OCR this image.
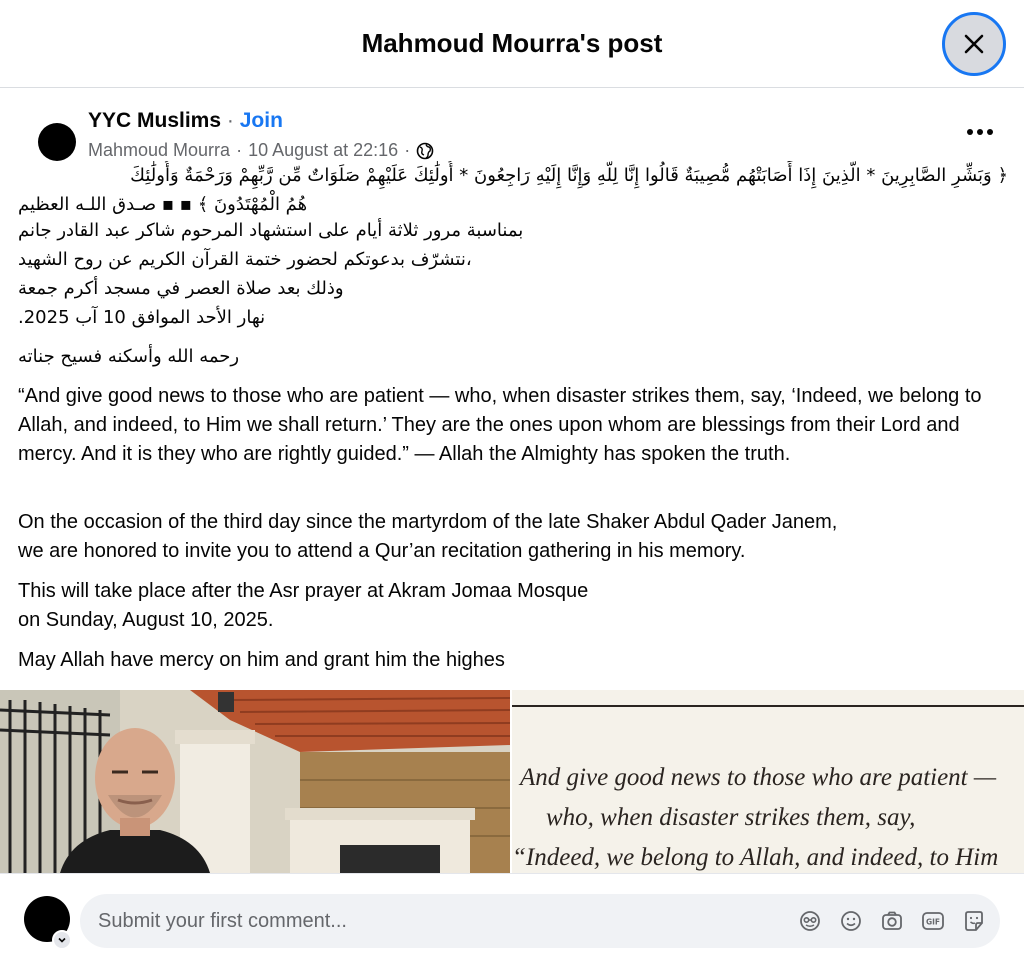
Mahmoud Mourra's post
YYC Muslims · Join
Mahmoud Mourra · 10 August at 22:16 ·
﴿ وَبَشِّرِ الصَّابِرِينَ * الَّذِينَ إِذَا أَصَابَتْهُم مُّصِيبَةٌ قَالُوا إِنَّا لِلَّهِ وَإِنَّا إِلَيْهِ رَاجِعُونَ * أُولَٰئِكَ عَلَيْهِمْ صَلَوَاتٌ مِّن رَّبِّهِمْ وَرَحْمَةٌ وَأُولَٰئِكَ
هُمُ الْمُهْتَدُونَ ﴾ ▪ ▪ صـدق اللـه العظيم
بمناسبة مرور ثلاثة أيام على استشهاد المرحوم شاكر عبد القادر جانم
،نتشرّف بدعوتكم لحضور ختمة القرآن الكريم عن روح الشهيد
وذلك بعد صلاة العصر في مسجد أكرم جمعة
نهار الأحد الموافق 10 آب 2025.
رحمه الله وأسكنه فسيح جناته
“And give good news to those who are patient — who, when disaster strikes them, say, ‘Indeed, we belong to Allah, and indeed, to Him we shall return.’ They are the ones upon whom are blessings from their Lord and mercy. And it is they who are rightly guided.” — Allah the Almighty has spoken the truth.
On the occasion of the third day since the martyrdom of the late Shaker Abdul Qader Janem,
we are honored to invite you to attend a Qur’an recitation gathering in his memory.
This will take place after the Asr prayer at Akram Jomaa Mosque
on Sunday, August 10, 2025.
May Allah have mercy on him and grant him the highes
And give good news to those who are patient —
who, when disaster strikes them, say,
“Indeed, we belong to Allah, and indeed, to Him
Submit your first comment...	GIF
